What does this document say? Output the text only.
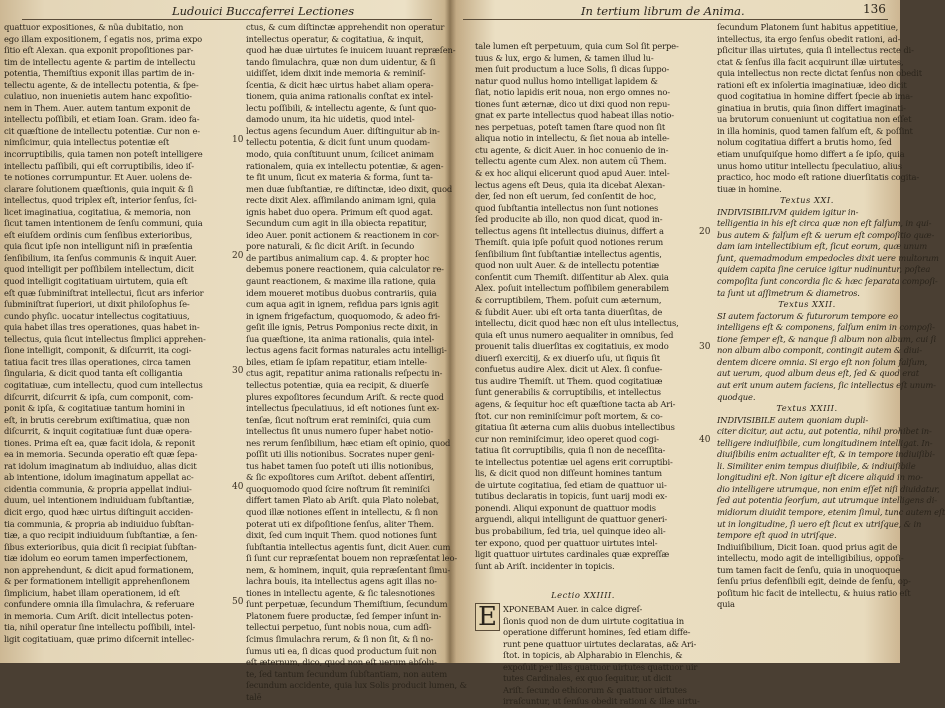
Ludouici Buccaferrei Lectiones
quattuor expositiones, & nũa dubitatio, non
ego illam expositionem, ſ egatis nos, prima expo
ſitio eſt Alexan. qua exponit propoſitiones par-
tim de intellectu agente & partim de intellectu
potentia, Themiſtius exponit illas partim de in-
tellectu agente, & de intellectu potentia, & ſpe-
culatiuo, non inuenietis autem hanc expoſitio-
nem in Them. Auer. autem tantum exponit de
intellectu poſſibili, et etiam Ioan. Gram. ideo fa-
cit quæſtione de intellectu potentiæ. Cur non e-
nimſicimur, quia intellectus potentiæ eſt
incorruptibilis, quia tamen non poteſt intelligere
intellectu paſſibili, qui eſt corruptibilis, ideo iſ-
te notiones corrumpuntur. Et Auer. uolens de-
clarare ſolutionem quæſtionis, quia inquit & ſi
intellectus, quod triplex eſt, interior ſenſus, ſci-
licet imaginatiua, cogitatiua, & memoria, non
ſicut tamen intentionem de ſenſu communi, quia
eſt eiuſdem ordinis cum ſenſibus exterioribus,
quia ſicut ipſe non intelligunt niſi in præſentia
ſenſibilium, ita ſenſus communis & inquit Auer.
quod intelligit per poſſibilem intellectum, dicit
quod intelligit cogitatiuam uirtutem, quia eſt
eſt quæ ſubminiſtrat intellectui, ſicut ars inferior
ſubminiſtrat ſuperiori, ut dixit philoſophus ſe-
cundo phyſic. uocatur intellectus cogitatiuus,
quia habet illas tres operationes, quas habet in-
tellectus, quia ſicut intellectus ſimplici apprehen-
ſione intelligit, componit, & diſcurrit, ita cogi-
tatiua facit tres illas operationes, circa tamen
ſingularia, & dicit quod tanta eſt colligantia
cogitatiuæ, cum intellectu, quod cum intellectus
diſcurrit, diſcurrit & ipſa, cum componit, com-
ponit & ipſa, & cogitatiuæ tantum homini in
eſt, in brutis cerebrum exiſtimatiua, quæ non
diſcurrit, & inquit cogitatiuæ ſunt duæ opera-
tiones. Prima eſt ea, quæ facit idola, & reponit
ea in memoria. Secunda operatio eſt quæ ſepa-
rat idolum imaginatum ab indiuiduo, alias dicit
ab intentione, idolum imaginatum appellat ac-
cidentia communia, & propria appellat indiui-
duum, uel intentionem indiuiduam ſubſtantiæ,
dicit ergo, quod hæc uirtus diſtinguit acciden-
tia communia, & propria ab indiuiduo ſubſtan-
tiæ, a quo recipit indiuiduum ſubſtantiæ, a ſen-
ſibus exterioribus, quia dicit ſi recipiat ſubſtan-
tiæ idolum eo eorum tamen imperfectionem,
non apprehendunt, & dicit apud formationem,
& per formationem intelligit apprehenſionem
ſimplicium, habet illam operationem, id eſt
confundere omnia illa ſimulachra, & referuare
in memoria. Cum Ariſt. dicit intellectus poten-
tia, nihil operatur ſine intellectu poſſibili, intel-
ligit cogitatiuam, quæ primo diſcernit intellec-
ctus, & cum diſtinctæ apprehendit non operatur
intellectus operatur, & cogitatiua, & inquit,
quod hæ duæ uirtutes ſe inuicem iuuant repræſen-
tando ſimulachra, quæ non dum uidentur, & ſi
uidiſſet, idem dixit inde memoria & reminiſ-
ſcentia, & dicit hæc uirtus habet aliam opera-
tionem, quia anima rationalis conſtat ex intel-
lectu poſſibili, & intellectu agente, & ſunt quo-
damodo unum, ita hic uidetis, quod intel-
lectus agens ſecundum Auer. diſtinguitur ab in-
tellectu potentia, & dicit ſunt unum quodam-
modo, quia conſtituunt unum, ſcilicet animam
rationalem, quia ex intellectu potentiæ, & agen-
te fit unum, ſicut ex materia & forma, ſunt ta-
men duæ ſubſtantiæ, re diſtinctæ, ideo dixit, quod
recte dixit Alex. aſſimilando animam igni, quia
ignis habet duo opera. Primum eſt quod agat.
Secundum cum agit in illa obiecta repatitur,
ideo Auer. ponit actionem & reactionem in cor-
pore naturali, & ſic dicit Ariſt. in ſecundo
de partibus animalium cap. 4. & propter hoc
debemus ponere reactionem, quia calculator re-
gaunt reactionem, & maxime illa ratione, quia
idem moueret motibus duobus contrariis, quia
cum aqua agit in ignem, refidua pars ignis agit
in ignem frigefactum, quoquomodo, & adeo fri-
geſit ille ignis, Petrus Pomponius recte dixit, in
ſua quæſtione, ita anima rationalis, quia intel-
lectus agens facit formas naturales actu intelligi-
biles, etiam ſe ipſam repatitur, etiam intelle-
ctus agit, repatitur anima rationalis reſpectu in-
tellectus potentiæ, quia ea recipit, & diuerſe
plures expoſitores ſecundum Ariſt. & recte quod
intellectus ſpeculatiuus, id eſt notiones ſunt ex-
tenſæ, ſicut noſtrum erat reminiſci, quia cum
intellectus ſit unus numero ſuper habet notio-
nes rerum ſenſibilium, hæc etiam eſt opinio, quod
poſſit uti illis notionibus. Socrates nuper geni-
tus habet tamen ſuo poteſt uti illis notionibus,
& ſic expoſitores cum Ariſtot. debent aſſentiri,
quoquomodo quod ſcire noſtrum ſit reminiſci
differt tamen Plato ab Ariſt. quia Plato nolebat,
quod illæ notiones eſſent in intellectu, & ſi non
poterat uti ex diſpoſitione ſenſus, aliter Them.
dixit, ſed cum inquit Them. quod notiones ſunt
ſubſtantia intellectus agentis ſunt, dicit Auer. cum
ſi ſunt cur repræſentat bouem non repræſentat leo-
nem, & hominem, inquit, quia repræſentant ſimu-
lachra bouis, ita intellectus agens agit illas no-
tiones in intellectu agente, & ſic talesnotiones
ſunt perpetuæ, ſecundum Themiſtium, ſecundum
Platonem fuere productæ, ſed ſemper inſunt in-
tellectui perpetuo, ſunt nobis noua, cum adſi-
ſcimus ſimulachra rerum, & ſi non ſit, & ſi no-
ſumus uti ea, ſi dicas quod productum ſuit non
eſt æternum, dico, quod non eſt uerum abſolu-
te, ſed tantum ſecundum ſubſtantiam, non autem
ſecundum accidente, quia lux Solis producit lumen, &
talē
10
20
30
40
50
In tertium librum de Anima.	136
tale lumen eſt perpetuum, quia cum Sol ſit perpe-
tuus & lux, ergo & lumen, & tamen illud lu-
men ſuit productum a luce Solis, ſi dicas ſuppo-
natur quod nullus homo intelligat lapidem &
ſiat, notio lapidis erit noua, non ergo omnes no-
tiones ſunt æternæ, dico ut dixi quod non repu-
gnat ex parte intellectus quod habeat illas notio-
nes perpetuas, poteſt tamen ſtare quod non ſit
aliqua notio in intellectu, & ſiet noua ab intelle-
ctu agente, & dicit Auer. in hoc conuenio de in-
tellectu agente cum Alex. non autem cū Them.
& ex hoc aliqui elicerunt quod apud Auer. intel-
lectus agens eſt Deus, quia ita dicebat Alexan-
der, ſed non eſt uerum, ſed conſentit de hoc,
quod ſubſtantia intellectus non ſunt notiones
ſed producite ab illo, non quod dicat, quod in-
tellectus agens ſit intellectus diuinus, differt a
Themiſt. quia ipſe poſuit quod notiones rerum
ſenſibilium ſint ſubſtantiæ intellectus agentis,
quod non uult Auer. & de intellectu potentiæ
conſentit cum Themiſt. diſſentitur ab Alex. quia
Alex. poſuit intellectum poſſibilem generabilem
& corruptibilem, Them. poſuit cum æternum,
& ſubdit Auer. ubi eſt orta tanta diuerſitas, de
intellectu, dicit quod hæc non eſt ulus intellectus,
quia eſt unus numero aequaliter in omnibus, ſed
prouenit talis diuerſitas ex cogitatiuis, ex modo
diuerſi exercitij, & ex diuerſo uſu, ut ſiquis ſit
confuetus audire Alex. dicit ut Alex. ſi confue-
tus audire Themiſt. ut Them. quod cogitatiuæ
ſunt generabilis & corruptibilis, et intellectus
agens, & ſequitur hoc eſt quæſtione tacta ab Ari-
ſtot. cur non reminiſcimur poſt mortem, & co-
gitatiua ſit æterna cum aliis duobus intellectibus
cur non reminiſcimur, ideo operet quod cogi-
tatiua ſit corruptibilis, quia ſi non de neceſſita-
te intellectus potentiæ uel agens erit corruptibi-
lis, & dicit quod non diſſeunt homines tantum
de uirtute cogitatiua, ſed etiam de quattuor ui-
tutibus declaratis in topicis, ſunt uarij modi ex-
ponendi. Aliqui exponunt de quattuor modis
arguendi, aliqui intelligunt de quattuor generi-
bus probabilium, ſed tria, uel quinque ideo ali-
ter expono, quod per quattuor uirtutes intel-
ligit quattuor uirtutes cardinales quæ expreſſæ
ſunt ab Ariſt. incidenter in topicis.
Lectio XXIIII.
E XPONEBAM Auer. in calce digreſ-
ſionis quod non de dum uirtute cogitatiua in
operatione differunt homines, ſed etiam diffe-
runt pene quattuor uirtutes declaratas, a& Ari-
ſtot. in topicis, ab Alpharabio in Elenchis, &
expoſuit per illas quattuor uirtutes quattuor uir
tutes Cardinales, ex quo ſequitur, ut dicit
Ariſt. ſecundo ethicorum & quattuor uirtutes
irraſcuntur, ut ſenſus obedit rationi & illæ uirtu-
ſecundum Platonem ſunt habitus appetitiue,
intellectus, ita ergo ſenſus obedit rationi, ad-
pſicitur illas uirtutes, quia ſi intellectus recte di-
ctat & ſenſus illa facit acquirunt illæ uirtutes,
quia intellectus non recte dictat ſenſus non obedit
rationi eſt ex inſolertia imaginatiuæ, ideo dicit
quod cogitatiua in homine differt ſpecie ab ima-
ginatiua in brutis, quia ſinon differt imaginati-
ua brutorum conueniunt ut cogitatiua non eſſet
in illa hominis, quod tamen falſum eſt, & poſſint
nolum cogitatiua differt a brutis homo, ſed
etiam unuſquiſque homo differt a ſe ipſo, quia
unus homo utitur intellectu ſpeculatiuo, alius
practico, hoc modo eſt ratione diuerſitatis cogita-
tiuæ in homine.
Textus XXI.
INDIVISIBILIVM quidem igitur in-
telligentia in his eſt circa quæ non eſt falſum, in qui-
bus autem & falſum eſt & uerum eſt compoſitio quæ-
dam iam intellectibium eſt, ſicut eorum, quæ unum
ſunt, quemadmodum empedocles dixit uere multorum
quidem capita ſine ceruice igitur nudinuntur, poſtea
compoſita ſunt concordia ſic & hæc ſeparata compoſi-
ta ſunt ut aſſimetrum & diametros.
Textus XXII.
SI autem factorum & futurorum tempore eo
intelligens eſt & componens, falſum enim in compoſi-
tione ſemper eſt, & nanque ſi album non album, cui ſi
non album albo componit, contingit autem & diui-
dentem dicere omnia. Si ergo eſt non ſolum falſum,
aut uerum, quod album deus eſt, ſed & quod erat
aut erit unum autem faciens, ſic intellectus eſt unum-
quodque.
Textus XXIII.
INDIVISIBILE autem quoniam dupli-
citer dicitur, aut actu, aut potentia, nihil prohibet in-
telligere indiuiſibile, cum longitudinem intelligat. In-
diuiſibilis enim actualiter eſt, & in tempore indiuiſibi-
li. Similiter enim tempus diuiſibile, & indiuiſibile
longitudini eſt. Non igitur eſt dicere aliquid in mo-
dio intelligere utrumque, non enim eſſet niſi diuidatur,
ſed aut potentia ſeorſum, aut utrumque intelligens di-
midiorum diuidit tempore, etenim ſimul, tunc autem eſt
ut in longitudine, ſi uero eſt ſicut ex utriſque, & in
tempore eſt quod in utriſque.
Indiuiſibilium, Dicit Ioan. quod prius agit de
intellectu, modo agit de intelligibilius, oppoſi-
tum tamen facit de ſenſu, quia in unoquoque
ſenſu prius defenſibili egit, deinde de ſenſu, op-
poſitum hic facit de intellectu, & huius ratio eſt
quia
20
30
40
